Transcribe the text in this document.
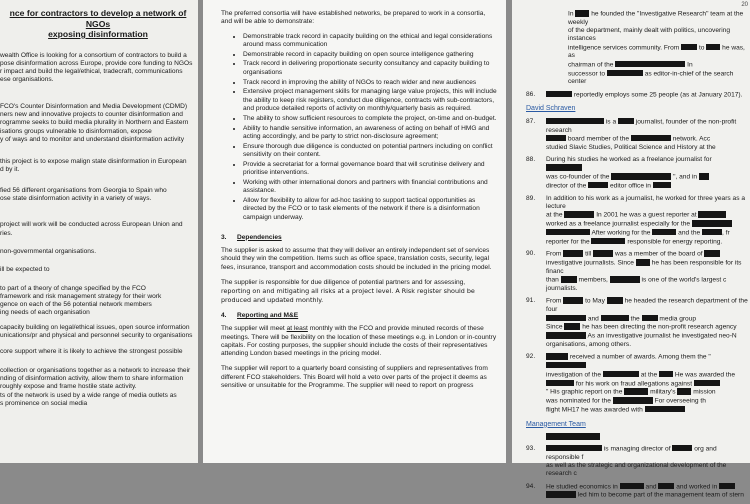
nce for contractors to develop a network of NGOs
exposing disinformation
wealth Office is looking for a consortium of contractors to build a
pose disinformation across Europe, provide core funding to NGOs
r impact and build the legal/ethical, tradecraft, communications
ese organisations.
FCO's Counter Disinformation and Media Development (CDMD)
ners new and innovative projects to counter disinformation and
rogramme seeks to build media plurality in Northern and Eastern
isations groups vulnerable to disinformation, expose
y of ways and to monitor and understand disinformation activity
this project is to expose malign state disinformation in European
d by it.
fied 56 different organisations from Georgia to Spain who
ose state disinformation activity in a variety of ways.
project will work will be conducted across European Union and
ries.
non-governmental organisations.
ill be expected to
to part of a theory of change specified by the FCO
framework and risk management strategy for their work
gence on each of the 56 potential network members
ing needs of each organisation
capacity building on legal/ethical issues, open source information
unications/pr and physical and personnel security to organisations
core support where it is likely to achieve the strongest possible
collection or organisations together as a network to increase their
nding of disinformation activity, allow them to share information
roughly expose and frame hostile state activity.
ts of the network is used by a wide range of media outlets as
s prominence on social media
The preferred consortia will have established networks, be prepared to work in a consortia, and will be able to demonstrate:
• Demonstrable track record in capacity building on the ethical and legal considerations around mass communication
• Demonstrable record in capacity building on open source intelligence gathering
• Track record in delivering proportionate security consultancy and capacity building to organisations
• Track record in improving the ability of NGOs to reach wider and new audiences
• Extensive project management skills for managing large value projects, this will include the ability to keep risk registers, conduct due diligence, contracts with sub-contractors, and produce detailed reports of activity on monthly/quarterly basis as required.
• The ability to show sufficient resources to complete the project, on-time and on-budget.
• Ability to handle sensitive information, an awareness of acting on behalf of HMG and acting accordingly, and be party to strict non-disclosure agreement;
• Ensure thorough due diligence is conducted on potential partners including on conflict sensitivity on their content.
• Provide a secretariat for a formal governance board that will scrutinise delivery and prioritise interventions.
• Working with other international donors and partners with financial contributions and assistance.
• Allow for flexibility to allow for ad-hoc tasking to support tactical opportunities as directed by the FCO or to task elements of the network if there is a disinformation campaign underway.
3. Dependencies
The supplier is asked to assume that they will deliver an entirely independent set of services should they win the competition. Items such as office space, translation costs, security, legal fees, insurance, transport and accommodation costs should be included in the pricing model.
The supplier is responsible for due diligence of potential partners and for assessing,
reporting on and mitigating all risks at a project level. A Risk register should be produced and updated monthly.
4. Reporting and M&E
The supplier will meet at least monthly with the FCO and provide minuted records of these meetings. There will be flexibility on the location of these meetings e.g. in London or in-country capitals. For costing purposes, the supplier should include the costs of their representatives attending London based meetings in the pricing model.
The supplier will report to a quarterly board consisting of suppliers and representatives from different FCO stakeholders. This Board will hold a veto over parts of the project it deems as sensitive or unsuitable for the Programme. The supplier will need to report on progress
20
In	he founded the "Investigative Research" team at the weekly
of the department, mainly dealt with politics, uncovering instances
intelligence services community. From	to	he was, as
chairman of the	In
successor to	as editor-in-chief of the search center
86.	reportedly employs some 25 people (as at January 2017).
David Schraven
87.	is a	journalist, founder of the non-profit research
board member of the	network. Acc
studied Slavic Studies, Political Science and History at the
88.	During his studies he worked as a freelance journalist for
was co-founder of the	", and in
director of the	editor office in
89.	In addition to his work as a journalist, he worked for three years as a lecture
at the	In 2001 he was a guest reporter at
worked as a freelance journalist especially for the
After working for the	and the	, fr
reporter for the	responsible for energy reporting.
90.	From	till	was a member of the board of
investigative journalists. Since	he has been responsible for its financ
than	members,	is one of the world's largest c
journalists.
91.	From	to May	he headed the research department of the four
and	the	media group
Since	he has been directing the non-profit research agency
As an investigative journalist he investigated neo-N
organisations, among others.
92.	received a number of awards. Among them the "
investigation of the	at the	He was awarded the
for his work on fraud allegations against
" His graphic report on the	military's	mission
was nominated for the	For overseeing th
flight MH17 he was awarded with
Management Team
93.	is managing director of	org and responsible f
as well as the strategic and organizational development of the research c
94.	He studied economics in	and	and worked in
led him to become part of the management team of stern
